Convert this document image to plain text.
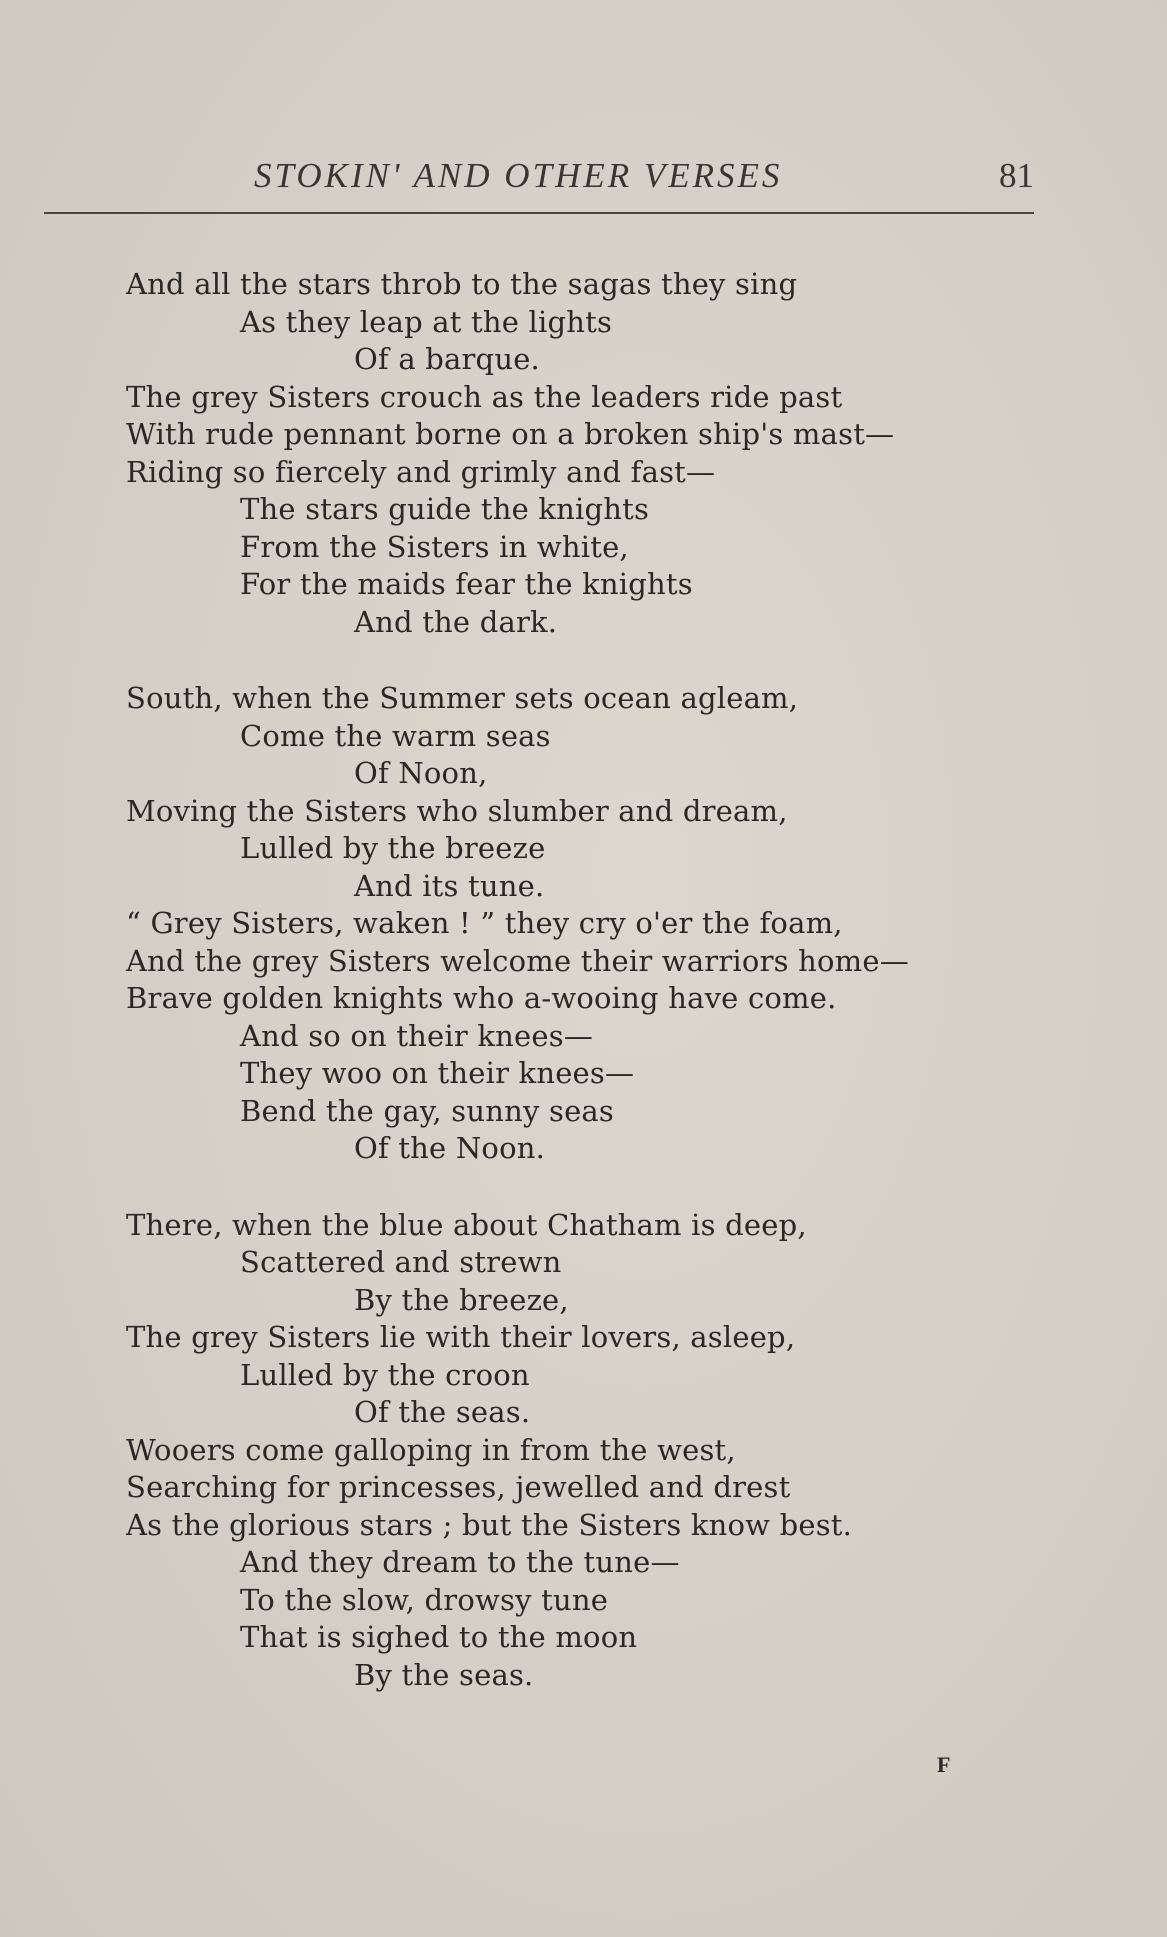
STOKIN' AND OTHER VERSES	81
And all the stars throb to the sagas they sing
As they leap at the lights
Of a barque.
The grey Sisters crouch as the leaders ride past
With rude pennant borne on a broken ship's mast—
Riding so fiercely and grimly and fast—
The stars guide the knights
From the Sisters in white,
For the maids fear the knights
And the dark.
South, when the Summer sets ocean agleam,
Come the warm seas
Of Noon,
Moving the Sisters who slumber and dream,
Lulled by the breeze
And its tune.
“ Grey Sisters, waken ! ” they cry o'er the foam,
And the grey Sisters welcome their warriors home—
Brave golden knights who a-wooing have come.
And so on their knees—
They woo on their knees—
Bend the gay, sunny seas
Of the Noon.
There, when the blue about Chatham is deep,
Scattered and strewn
By the breeze,
The grey Sisters lie with their lovers, asleep,
Lulled by the croon
Of the seas.
Wooers come galloping in from the west,
Searching for princesses, jewelled and drest
As the glorious stars ; but the Sisters know best.
And they dream to the tune—
To the slow, drowsy tune
That is sighed to the moon
By the seas.
F
